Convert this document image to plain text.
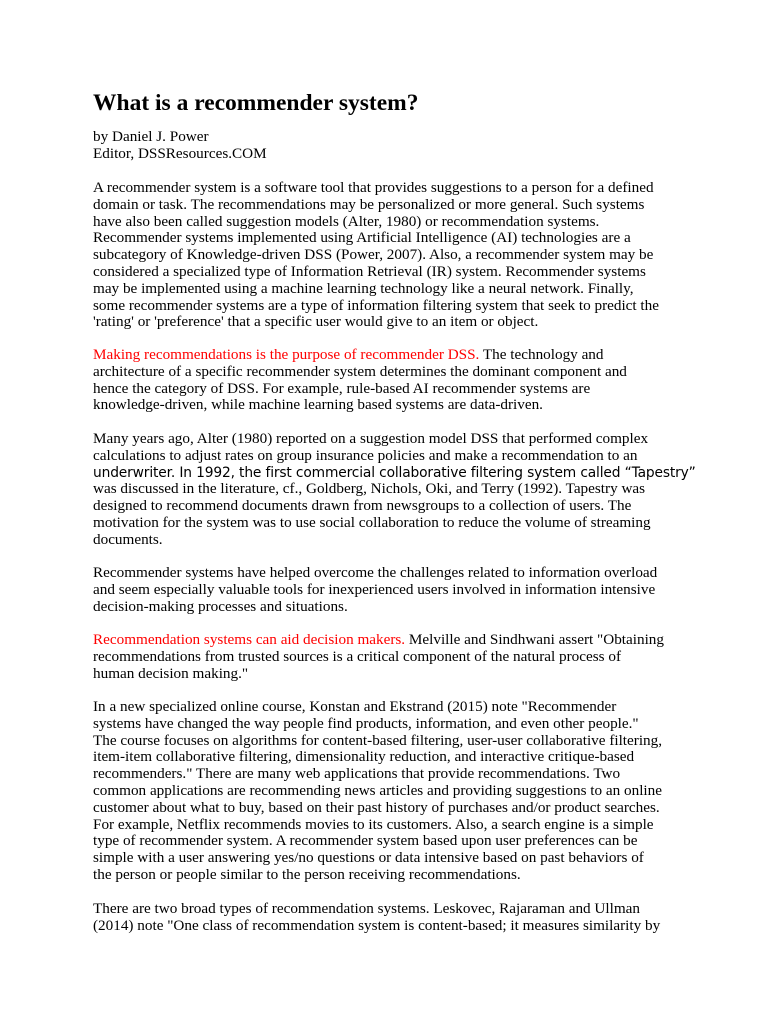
What is a recommender system?
by Daniel J. Power
Editor, DSSResources.COM
A recommender system is a software tool that provides suggestions to a person for a defined
domain or task. The recommendations may be personalized or more general. Such systems
have also been called suggestion models (Alter, 1980) or recommendation systems.
Recommender systems implemented using Artificial Intelligence (AI) technologies are a
subcategory of Knowledge-driven DSS (Power, 2007). Also, a recommender system may be
considered a specialized type of Information Retrieval (IR) system. Recommender systems
may be implemented using a machine learning technology like a neural network. Finally,
some recommender systems are a type of information filtering system that seek to predict the
'rating' or 'preference' that a specific user would give to an item or object.
Making recommendations is the purpose of recommender DSS. The technology and
architecture of a specific recommender system determines the dominant component and
hence the category of DSS. For example, rule-based AI recommender systems are
knowledge-driven, while machine learning based systems are data-driven.
Many years ago, Alter (1980) reported on a suggestion model DSS that performed complex
calculations to adjust rates on group insurance policies and make a recommendation to an
underwriter. In 1992, the first commercial collaborative filtering system called “Tapestry”
was discussed in the literature, cf., Goldberg, Nichols, Oki, and Terry (1992). Tapestry was
designed to recommend documents drawn from newsgroups to a collection of users. The
motivation for the system was to use social collaboration to reduce the volume of streaming
documents.
Recommender systems have helped overcome the challenges related to information overload
and seem especially valuable tools for inexperienced users involved in information intensive
decision-making processes and situations.
Recommendation systems can aid decision makers. Melville and Sindhwani assert "Obtaining
recommendations from trusted sources is a critical component of the natural process of
human decision making."
In a new specialized online course, Konstan and Ekstrand (2015) note "Recommender
systems have changed the way people find products, information, and even other people."
The course focuses on algorithms for content-based filtering, user-user collaborative filtering,
item-item collaborative filtering, dimensionality reduction, and interactive critique-based
recommenders." There are many web applications that provide recommendations. Two
common applications are recommending news articles and providing suggestions to an online
customer about what to buy, based on their past history of purchases and/or product searches.
For example, Netflix recommends movies to its customers. Also, a search engine is a simple
type of recommender system. A recommender system based upon user preferences can be
simple with a user answering yes/no questions or data intensive based on past behaviors of
the person or people similar to the person receiving recommendations.
There are two broad types of recommendation systems. Leskovec, Rajaraman and Ullman
(2014) note "One class of recommendation system is content-based; it measures similarity by
